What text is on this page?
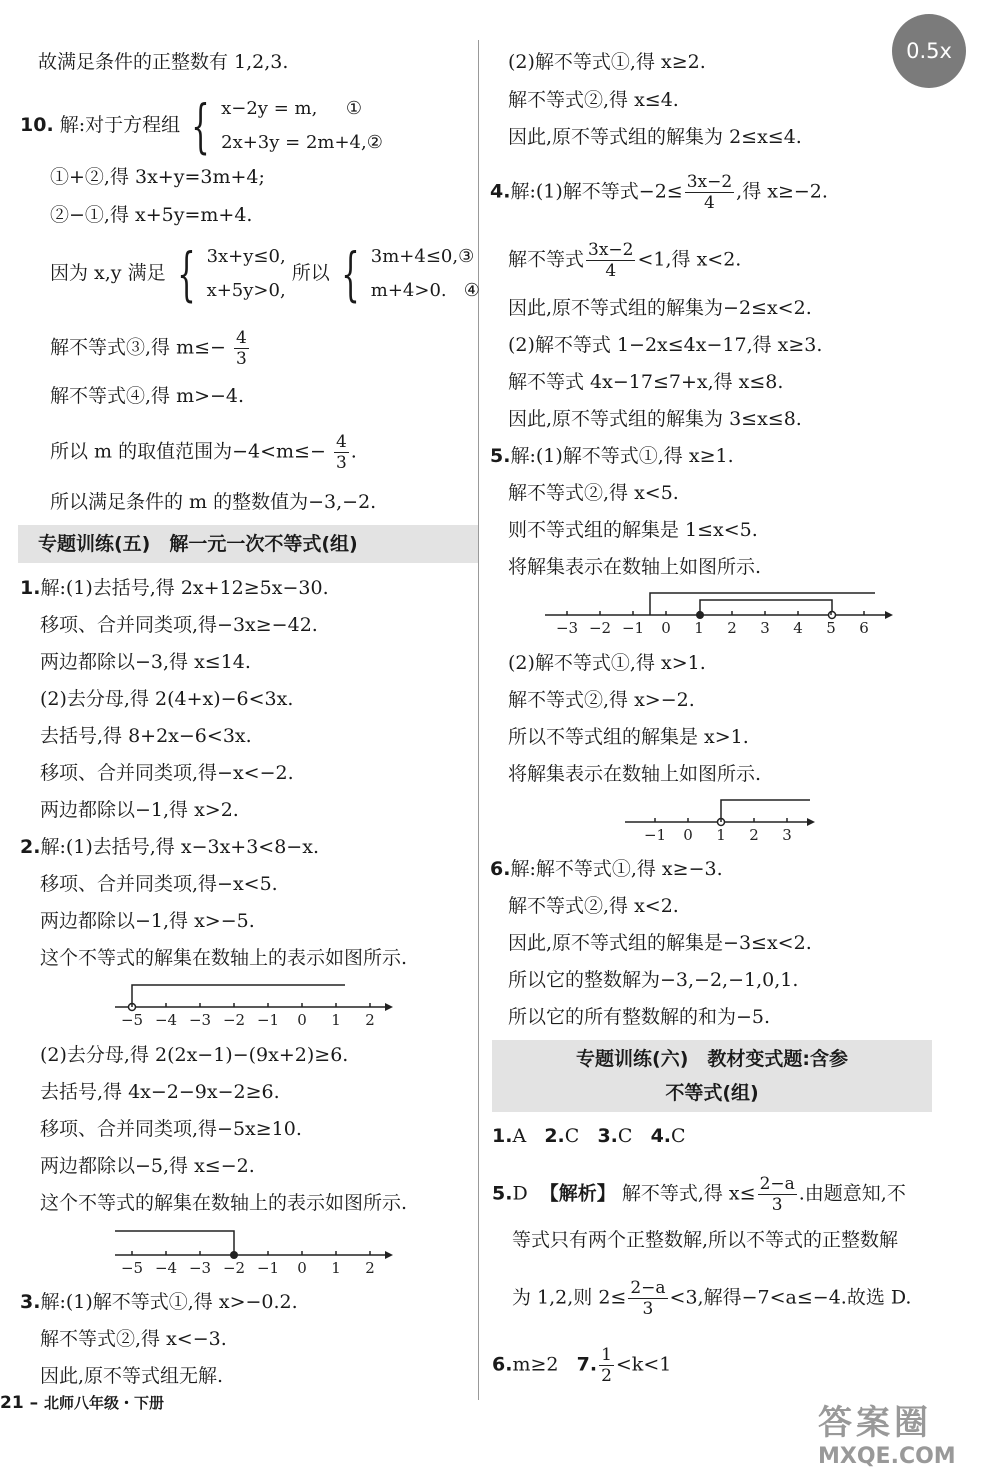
0.5x
故满足条件的正整数有 1,2,3.
10. 解:对于方程组 { x−2y = m, ①
2x+3y = 2m+4,②
①+②,得 3x+y=3m+4;
②−①,得 x+5y=m+4.
因为 x,y 满足 { 3x+y≤0,
x+5y>0,
所以 { 3m+4≤0,③
m+4>0. ④
解不等式③,得 $m\le- \frac{4}{3}$
解不等式④,得 m>−4.
所以 m 的取值范围为$-4<m\le- \frac{4}{3}$ .
所以满足条件的 m 的整数值为−3,−2.
专题训练(五)　解一元一次不等式(组)
1.解:(1)去括号,得 2x+12≥5x−30.
移项、合并同类项,得−3x≥−42.
两边都除以−3,得 x≤14.
(2)去分母,得 2(4+x)−6<3x.
去括号,得 8+2x−6<3x.
移项、合并同类项,得−x<−2.
两边都除以−1,得 x>2.
2.解:(1)去括号,得 x−3x+3<8−x.
移项、合并同类项,得−x<5.
两边都除以−1,得 x>−5.
这个不等式的解集在数轴上的表示如图所示.
−5 −4 −3 −2 −1 0 1 2
(2)去分母,得 2(2x−1)−(9x+2)≥6.
去括号,得 4x−2−9x−2≥6.
移项、合并同类项,得−5x≥10.
两边都除以−5,得 x≤−2.
这个不等式的解集在数轴上的表示如图所示.
−5 −4 −3 −2 −1 0 1 2
3.解:(1)解不等式①,得 x>−0.2.
解不等式②,得 x<−3.
因此,原不等式组无解.
(2)解不等式①,得 x≥2.
解不等式②,得 x≤4.
因此,原不等式组的解集为 2≤x≤4.
4.解:(1)解不等式$-2\le \frac{3x-2}{4}$ ,得 x≥−2.
解不等式 $\frac{3x-2}{4} <1$,得 x<2.
因此,原不等式组的解集为−2≤x<2.
(2)解不等式 1−2x≤4x−17,得 x≥3.
解不等式 4x−17≤7+x,得 x≤8.
因此,原不等式组的解集为 3≤x≤8.
5.解:(1)解不等式①,得 x≥1.
解不等式②,得 x<5.
则不等式组的解集是 1≤x<5.
将解集表示在数轴上如图所示.
−3 −2 −1 0 1 2 3 4 5 6
(2)解不等式①,得 x>1.
解不等式②,得 x>−2.
所以不等式组的解集是 x>1.
将解集表示在数轴上如图所示.
−1 0 1 2 3
6.解:解不等式①,得 x≥−3.
解不等式②,得 x<2.
因此,原不等式组的解集是−3≤x<2.
所以它的整数解为−3,−2,−1,0,1.
所以它的所有整数解的和为−5.
专题训练(六)　教材变式题:含参
不等式(组)
1.A 2.C 3.C 4.C
5.D 【解析】 解不等式,得 $x\le \frac{2-a}{3}$ .由题意知,不
等式只有两个正整数解,所以不等式的正整数解
为 1,2,则 $2\le \frac{2-a}{3} <3$,解得−7<a≤−4.故选 D.
6.m≥2 7. $\frac{1}{2} <k<1$
21 – 北师八年级・下册	答案圈
MXQE.COM
